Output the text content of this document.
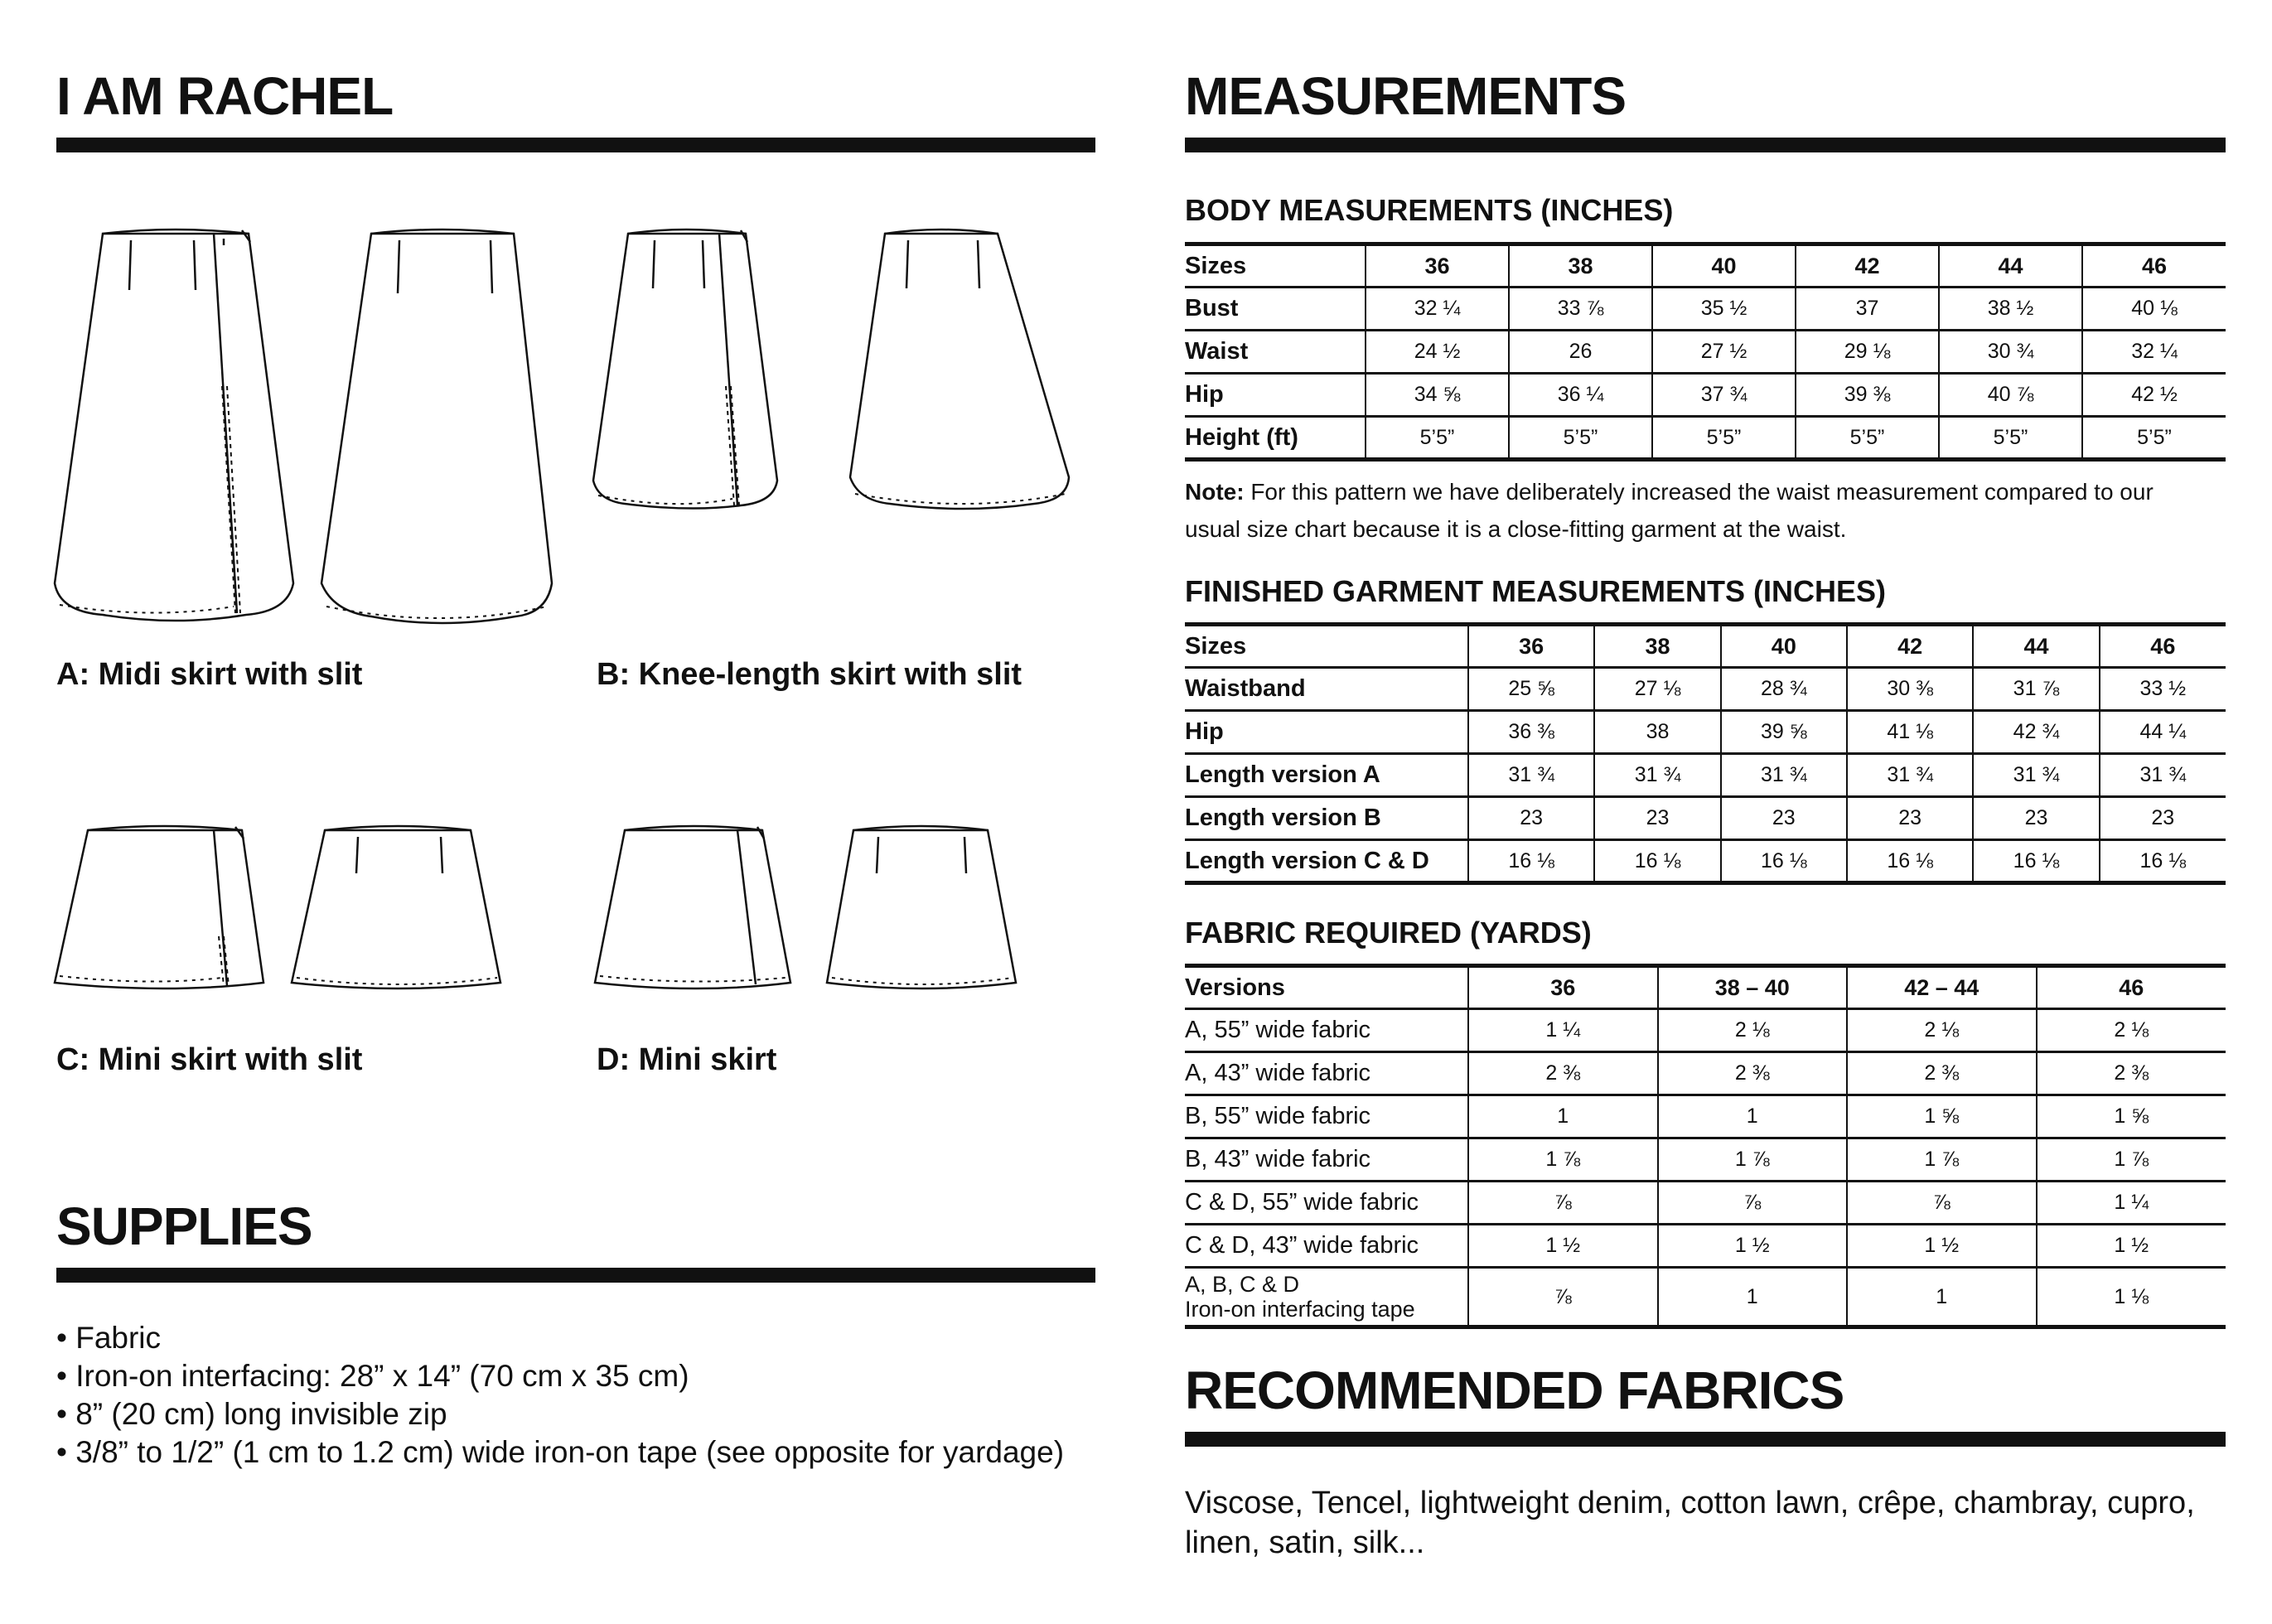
I AM RACHEL
A: Midi skirt with slit	B: Knee-length skirt with slit
C: Mini skirt with slit	D: Mini skirt
SUPPLIES
• Fabric
• Iron-on interfacing: 28” x 14” (70 cm x 35 cm)
• 8” (20 cm) long invisible zip
• 3/8” to 1/2” (1 cm to 1.2 cm) wide iron-on tape (see opposite for yardage)
MEASUREMENTS
BODY MEASUREMENTS (INCHES)
Sizes	36	38	40	42	44	46
Bust	32 ¼	33 ⅞	35 ½	37	38 ½	40 ⅛
Waist	24 ½	26	27 ½	29 ⅛	30 ¾	32 ¼
Hip	34 ⅝	36 ¼	37 ¾	39 ⅜	40 ⅞	42 ½
Height (ft)	5’5”	5’5”	5’5”	5’5”	5’5”	5’5”
Note: For this pattern we have deliberately increased the waist measurement compared to our
usual size chart because it is a close-fitting garment at the waist.
FINISHED GARMENT MEASUREMENTS (INCHES)
Sizes	36	38	40	42	44	46
Waistband	25 ⅝	27 ⅛	28 ¾	30 ⅜	31 ⅞	33 ½
Hip	36 ⅜	38	39 ⅝	41 ⅛	42 ¾	44 ¼
Length version A	31 ¾	31 ¾	31 ¾	31 ¾	31 ¾	31 ¾
Length version B	23	23	23	23	23	23
Length version C & D	16 ⅛	16 ⅛	16 ⅛	16 ⅛	16 ⅛	16 ⅛
FABRIC REQUIRED (YARDS)
Versions	36	38 – 40	42 – 44	46
A, 55” wide fabric	1 ¼	2 ⅛	2 ⅛	2 ⅛
A, 43” wide fabric	2 ⅜	2 ⅜	2 ⅜	2 ⅜
B, 55” wide fabric	1	1	1 ⅝	1 ⅝
B, 43” wide fabric	1 ⅞	1 ⅞	1 ⅞	1 ⅞
C & D, 55” wide fabric	⅞	⅞	⅞	1 ¼
C & D, 43” wide fabric	1 ½	1 ½	1 ½	1 ½

A, B, C & D
Iron-on interfacing tape	⅞	1	1	1 ⅛
RECOMMENDED FABRICS
Viscose, Tencel, lightweight denim, cotton lawn, crêpe, chambray, cupro,
linen, satin, silk...
